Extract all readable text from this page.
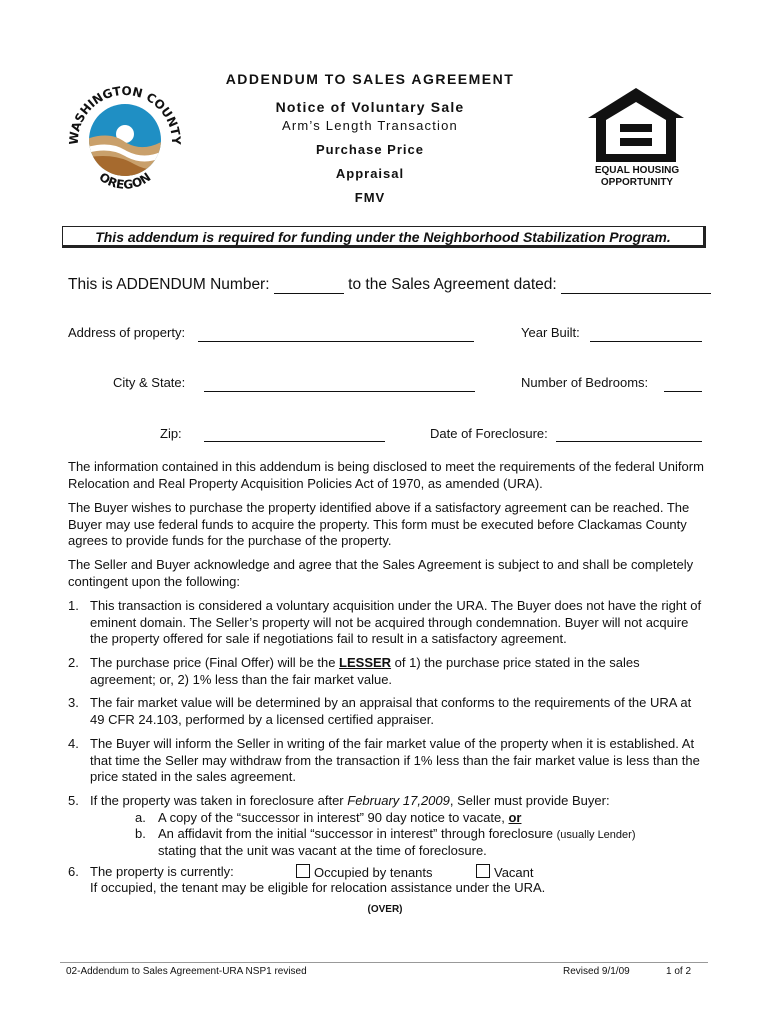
WASHINGTON COUNTY
OREGON
ADDENDUM TO SALES AGREEMENT
Notice of Voluntary Sale
Arm’s Length Transaction
Purchase Price
Appraisal
FMV
EQUAL HOUSING
OPPORTUNITY
This addendum is required for funding under the Neighborhood Stabilization Program.
This is ADDENDUM Number:	to the Sales Agreement dated:
Address of property:	Year Built:
City & State:	Number of Bedrooms:
Zip:	Date of Foreclosure:
The information contained in this addendum is being disclosed to meet the requirements of the federal Uniform Relocation and Real Property Acquisition Policies Act of 1970, as amended (URA).
The Buyer wishes to purchase the property identified above if a satisfactory agreement can be reached. The Buyer may use federal funds to acquire the property. This form must be executed before Clackamas County agrees to provide funds for the purchase of the property.
The Seller and Buyer acknowledge and agree that the Sales Agreement is subject to and shall be completely contingent upon the following:
1. This transaction is considered a voluntary acquisition under the URA. The Buyer does not have the right of eminent domain. The Seller’s property will not be acquired through condemnation. Buyer will not acquire the property offered for sale if negotiations fail to result in a satisfactory agreement.
2. The purchase price (Final Offer) will be the LESSER of 1) the purchase price stated in the sales agreement; or, 2) 1% less than the fair market value.
3. The fair market value will be determined by an appraisal that conforms to the requirements of the URA at 49 CFR 24.103, performed by a licensed certified appraiser.
4. The Buyer will inform the Seller in writing of the fair market value of the property when it is established. At that time the Seller may withdraw from the transaction if 1% less than the fair market value is less than the price stated in the sales agreement.
5. If the property was taken in foreclosure after February 17,2009, Seller must provide Buyer:
a. A copy of the “successor in interest” 90 day notice to vacate, or
b. An affidavit from the initial “successor in interest” through foreclosure (usually Lender)
stating that the unit was vacant at the time of foreclosure.
6. The property is currently:	Occupied by tenants	Vacant
If occupied, the tenant may be eligible for relocation assistance under the URA.
(OVER)
02-Addendum to Sales Agreement-URA NSP1 revised	Revised 9/1/09	1 of 2
